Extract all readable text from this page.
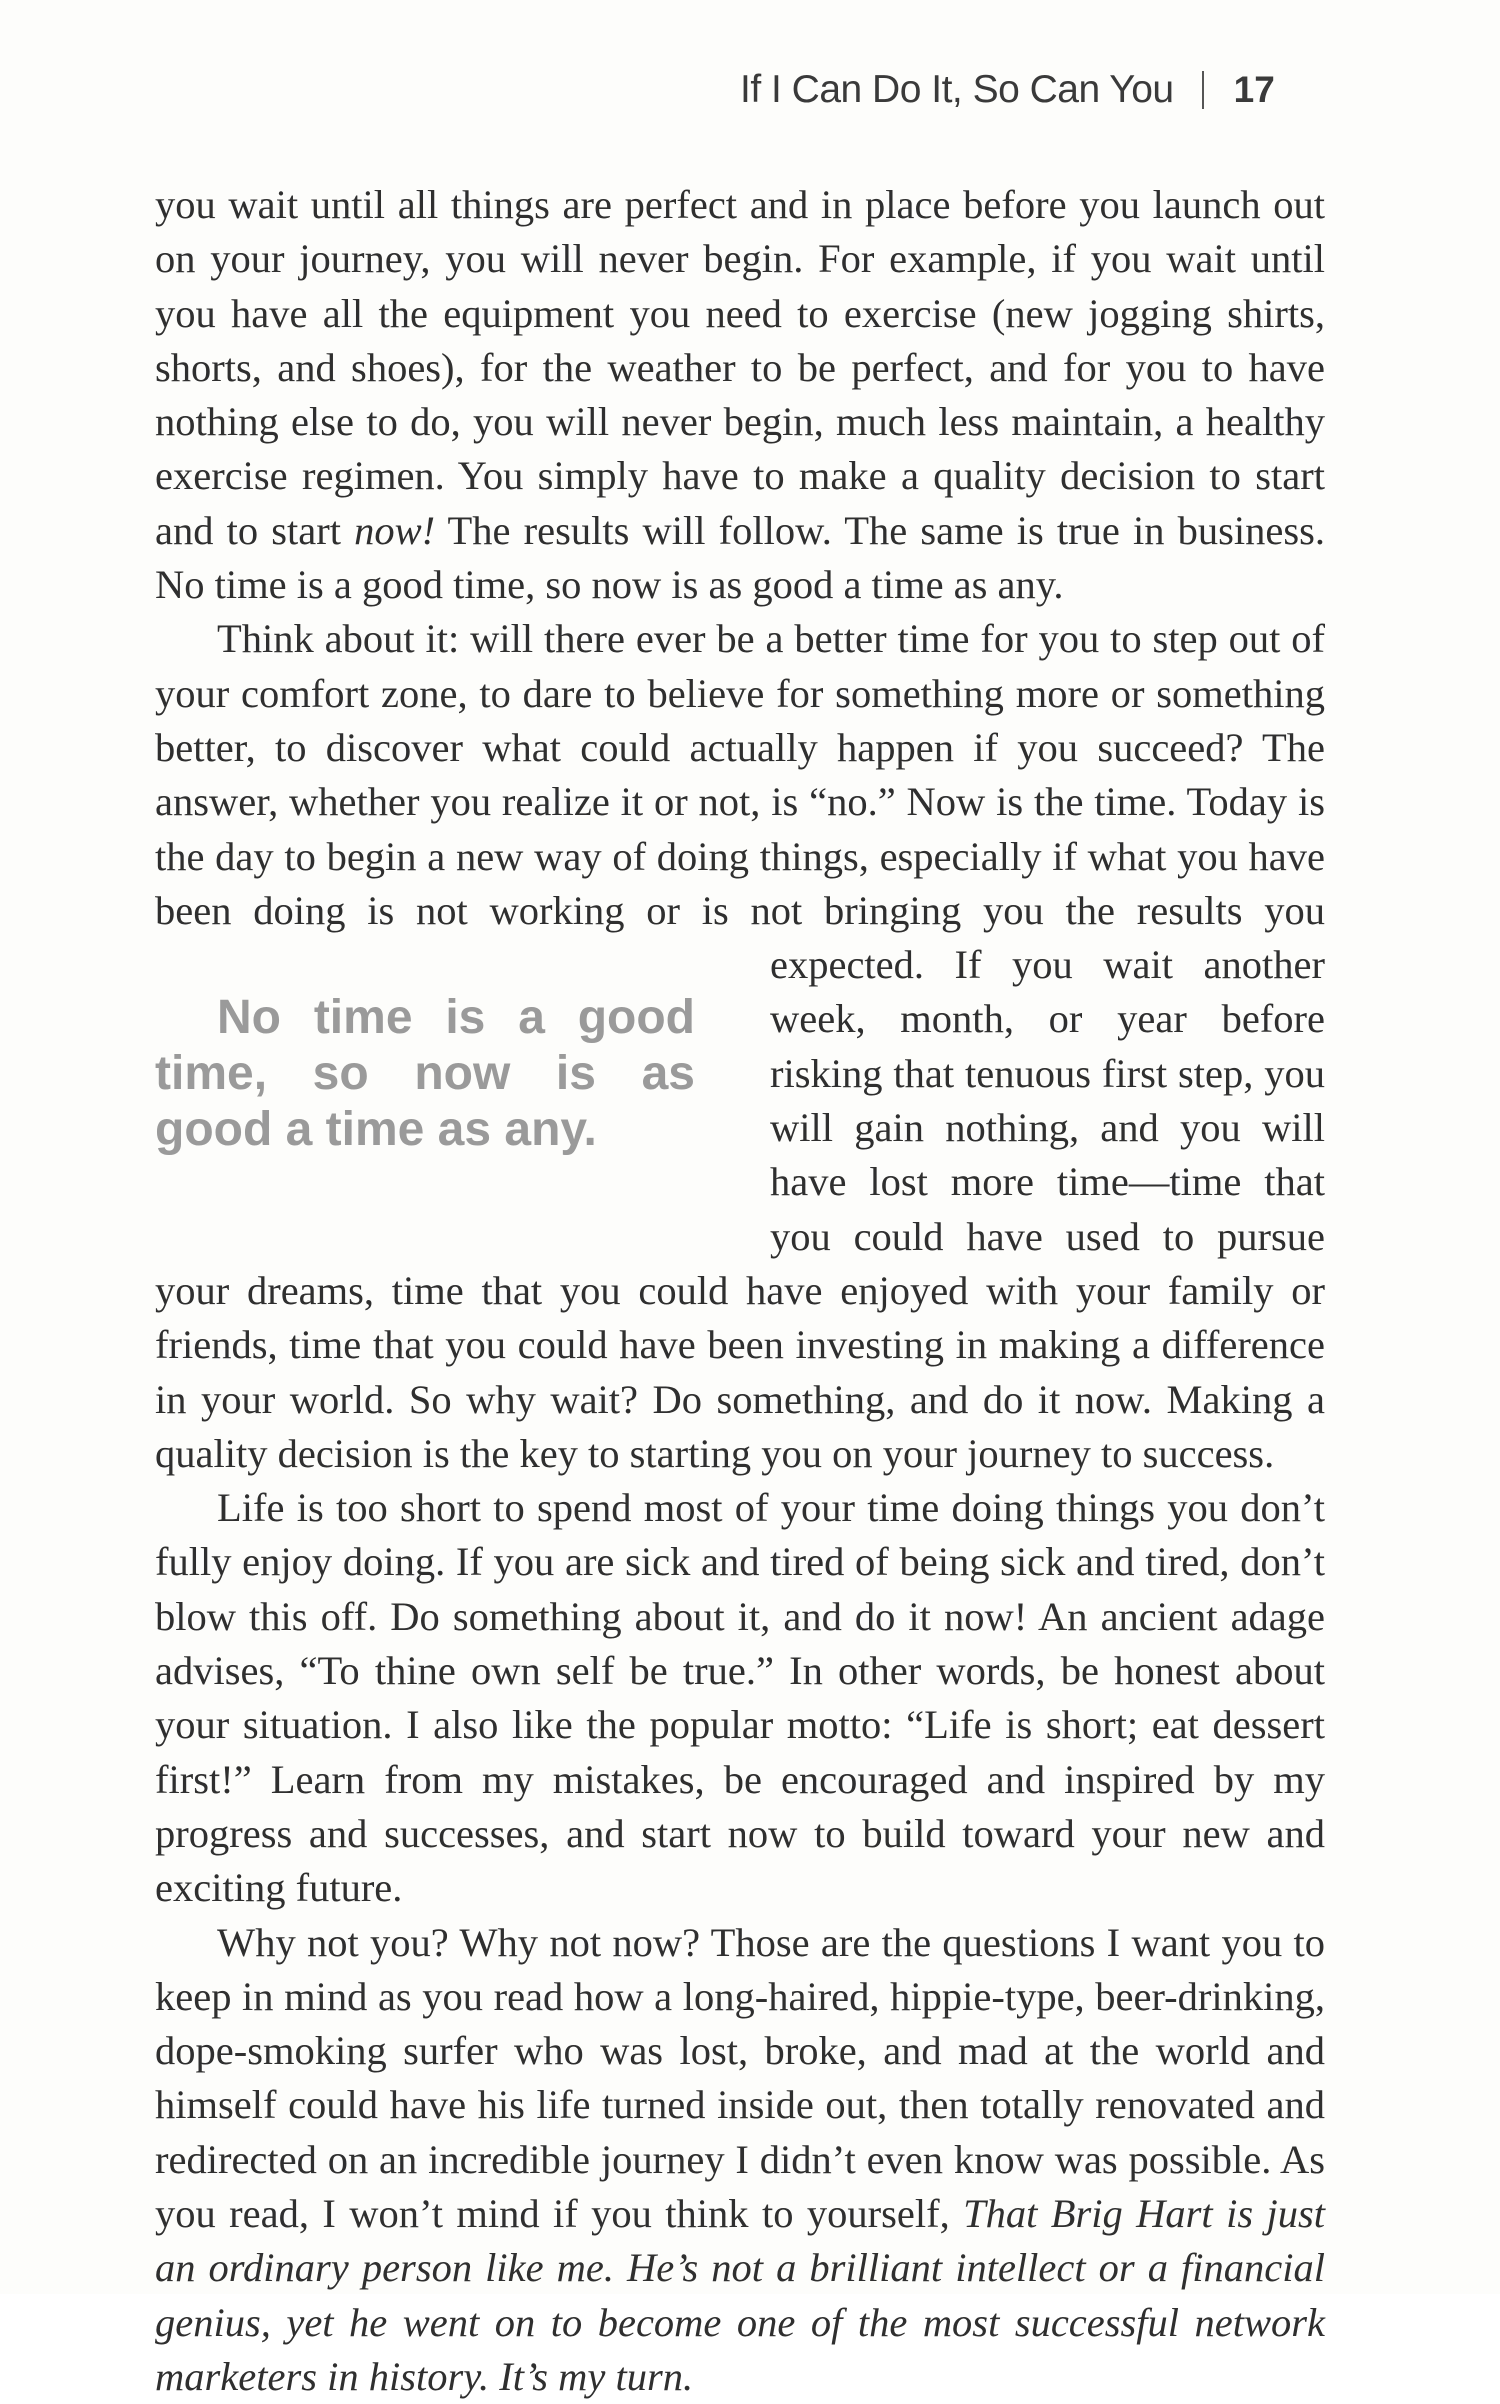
If I Can Do It, So Can You 17

you wait until all things are perfect and in place before you launch out on your journey, you will never begin. For example, if you wait until you have all the equipment you need to exercise (new jogging shirts, shorts, and shoes), for the weather to be perfect, and for you to have nothing else to do, you will never begin, much less maintain, a healthy exercise regimen. You simply have to make a quality decision to start and to start now! The results will follow. The same is true in business. No time is a good time, so now is as good a time as any.

Think about it: will there ever be a better time for you to step out of your comfort zone, to dare to believe for something more or something better, to discover what could actually happen if you succeed? The answer, whether you realize it or not, is “no.” Now is the time. Today is the day to begin a new way of doing things, especially if what you have been doing is not working or is not bringing you the results you expected. If you wait
No time is a good time, so now is as good a time as any.
another week, month, or year before risking that tenuous first step, you will gain nothing, and you will have lost more time—time that you could have used to pursue your dreams, time that you could have enjoyed with your family or friends, time that you could have been investing in making a difference in your world. So why wait? Do something, and do it now. Making a quality decision is the key to starting you on your journey to success.

Life is too short to spend most of your time doing things you don’t fully enjoy doing. If you are sick and tired of being sick and tired, don’t blow this off. Do something about it, and do it now! An ancient adage advises, “To thine own self be true.” In other words, be honest about your situation. I also like the popular motto: “Life is short; eat dessert first!” Learn from my mistakes, be encouraged and inspired by my progress and successes, and start now to build toward your new and exciting future.

Why not you? Why not now? Those are the questions I want you to keep in mind as you read how a long-haired, hippie-type, beer-drinking, dope-smoking surfer who was lost, broke, and mad at the world and himself could have his life turned inside out, then totally renovated and redirected on an incredible journey I didn’t even know was possible. As you read, I won’t mind if you think to yourself, That Brig Hart is just an ordinary person like me. He’s not a brilliant intellect or a financial genius, yet he went on to become one of the most successful network marketers in history. It’s my turn.
